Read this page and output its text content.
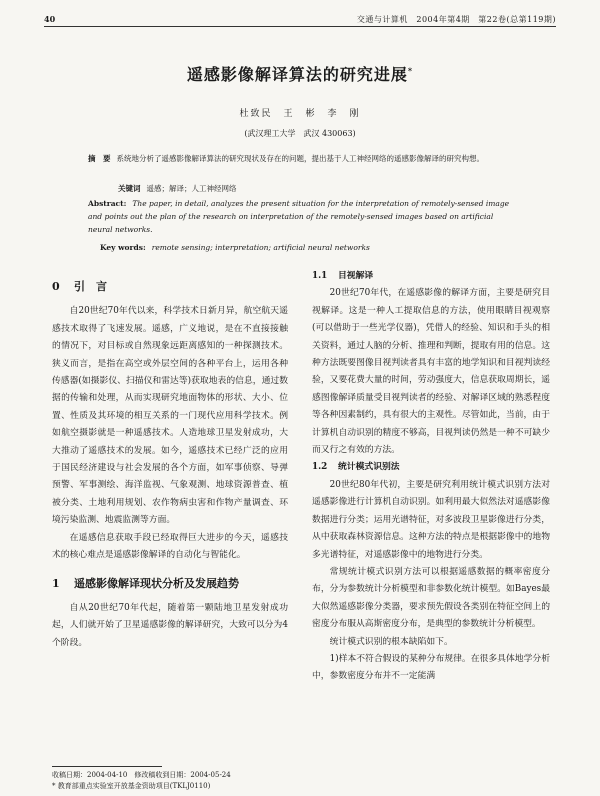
40	交通与计算机　2004年第4期　第22卷(总第119期)
遥感影像解译算法的研究进展*
杜致民　王　彬　李　刚
(武汉理工大学　武汉 430063)
摘　要 系统地分析了遥感影像解译算法的研究现状及存在的问题，提出基于人工神经网络的遥感影像解译的研究构想。
关键词 遥感；解译；人工神经网络
Abstract: The paper, in detail, analyzes the present situation for the interpretation of remotely-sensed image and points out the plan of the research on interpretation of the remotely-sensed images based on artificial neural networks.
Key words: remote sensing; interpretation; artificial neural networks
0 引　言

自20世纪70年代以来，科学技术日新月异，航空航天遥感技术取得了飞速发展。遥感，广义地说，是在不直接接触的情况下，对目标或自然现象远距离感知的一种探测技术。狭义而言，是指在高空或外层空间的各种平台上，运用各种传感器(如摄影仪、扫描仪和雷达等)获取地表的信息，通过数据的传输和处理，从而实现研究地面物体的形状、大小、位置、性质及其环境的相互关系的一门现代应用科学技术。例如航空摄影就是一种遥感技术。人造地球卫星发射成功，大大推动了遥感技术的发展。如今，遥感技术已经广泛的应用于国民经济建设与社会发展的各个方面，如军事侦察、导弹预警、军事测绘、海洋监视、气象观测、地球资源普查、植被分类、土地利用规划、农作物病虫害和作物产量调查、环境污染监测、地震监测等方面。

在遥感信息获取手段已经取得巨大进步的今天，遥感技术的核心难点是遥感影像解译的自动化与智能化。

1 遥感影像解译现状分析及发展趋势

自从20世纪70年代起，随着第一颗陆地卫星发射成功起，人们就开始了卫星遥感影像的解译研究，大致可以分为4个阶段。

1.1 目视解译

20世纪70年代，在遥感影像的解译方面，主要是研究目视解译。这是一种人工提取信息的方法，使用眼睛目视观察(可以借助于一些光学仪器)，凭借人的经验、知识和手头的相关资料，通过人脑的分析、推理和判断，提取有用的信息。这种方法既要图像目视判读者具有丰富的地学知识和目视判读经验，又要花费大量的时间，劳动强度大，信息获取周期长，遥感图像解译质量受目视判读者的经验、对解译区域的熟悉程度等各种因素制约，具有很大的主观性。尽管如此，当前，由于计算机自动识别的精度不够高，目视判读仍然是一种不可缺少而又行之有效的方法。

1.2 统计模式识别法

20世纪80年代初，主要是研究利用统计模式识别方法对遥感影像进行计算机自动识别。如利用最大似然法对遥感影像数据进行分类；运用光谱特征，对多波段卫星影像进行分类，从中获取森林资源信息。这种方法的特点是根据影像中的地物多光谱特征，对遥感影像中的地物进行分类。

常规统计模式识别方法可以根据遥感数据的概率密度分布，分为参数统计分析模型和非参数化统计模型。如Bayes最大似然遥感影像分类器，要求预先假设各类别在特征空间上的密度分布服从高斯密度分布，是典型的参数统计分析模型。

统计模式识别的根本缺陷如下。

1)样本不符合假设的某种分布规律。在很多具体地学分析中，参数密度分布并不一定能满

收稿日期：2004-04-10　修改稿收到日期：2004-05-24
* 教育部重点实验室开放基金资助项目(TKLJ0110)
